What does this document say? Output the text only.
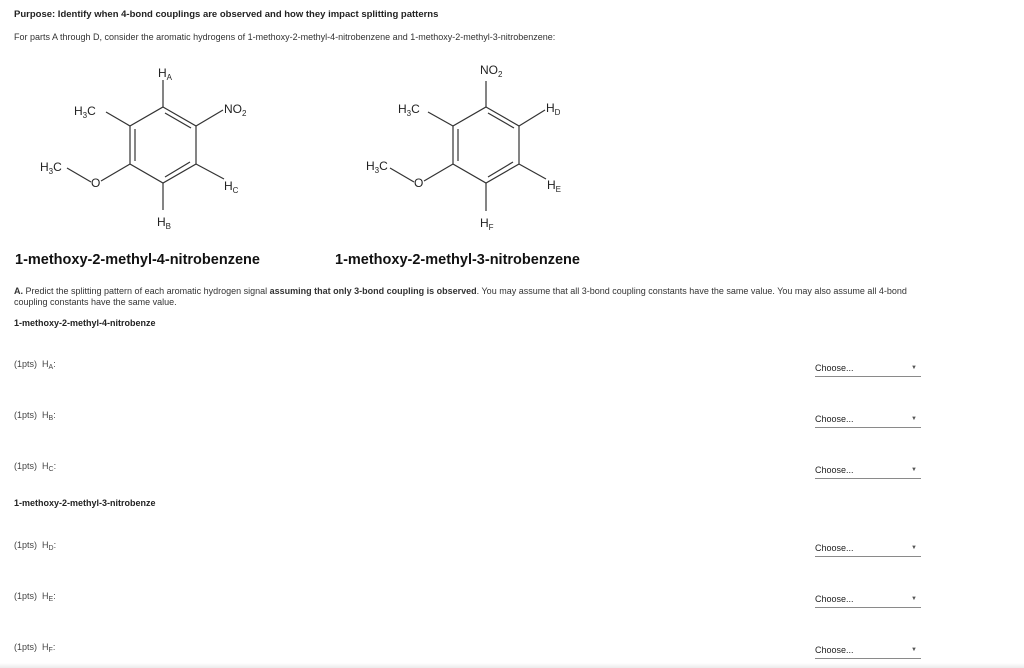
Purpose: Identify when 4-bond couplings are observed and how they impact splitting patterns
For parts A through D, consider the aromatic hydrogens of 1-methoxy-2-methyl-4-nitrobenzene and 1-methoxy-2-methyl-3-nitrobenzene:
$H_A$
$H_3C$	$NO_2$
$H_3C$
O	$H_C$
$H_B$
$NO_2$
$H_3C$	$H_D$
$H_3C$
O	$H_E$
$H_F$
1-methoxy-2-methyl-4-nitrobenzene	1-methoxy-2-methyl-3-nitrobenzene
A. Predict the splitting pattern of each aromatic hydrogen signal assuming that only 3-bond coupling is observed. You may assume that all 3-bond coupling constants have the same value. You may also assume all 4-bond coupling constants have the same value.
1-methoxy-2-methyl-4-nitrobenze
(1pts) $H_A$:	Choose...	▼
(1pts) $H_B$:	Choose...	▼
(1pts) $H_C$:	Choose...	▼
1-methoxy-2-methyl-3-nitrobenze
(1pts) $H_D$:	Choose...	▼
(1pts) $H_E$:	Choose...	▼
(1pts) $H_F$:	Choose...	▼
